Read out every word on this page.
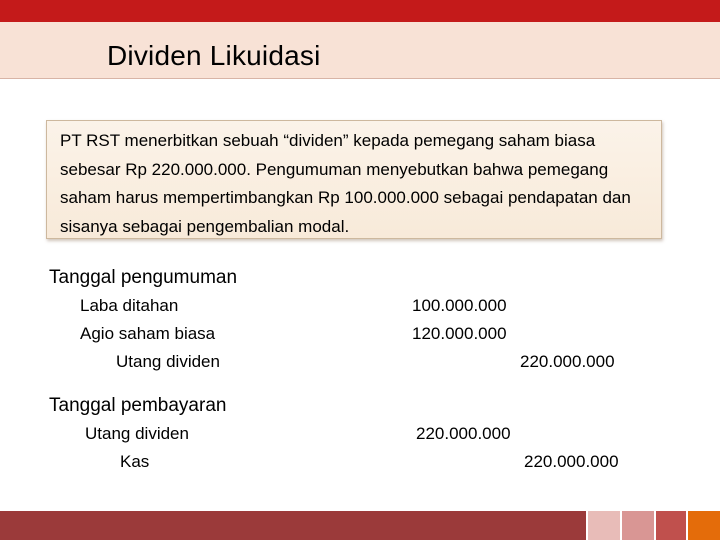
Dividen Likuidasi
PT RST menerbitkan sebuah “dividen” kepada pemegang saham biasa sebesar Rp 220.000.000. Pengumuman menyebutkan bahwa pemegang saham harus mempertimbangkan Rp 100.000.000 sebagai pendapatan dan sisanya sebagai pengembalian modal.
Tanggal pengumuman
Laba ditahan	100.000.000
Agio saham biasa	120.000.000
Utang dividen	220.000.000
Tanggal pembayaran
Utang dividen	220.000.000
Kas	220.000.000
